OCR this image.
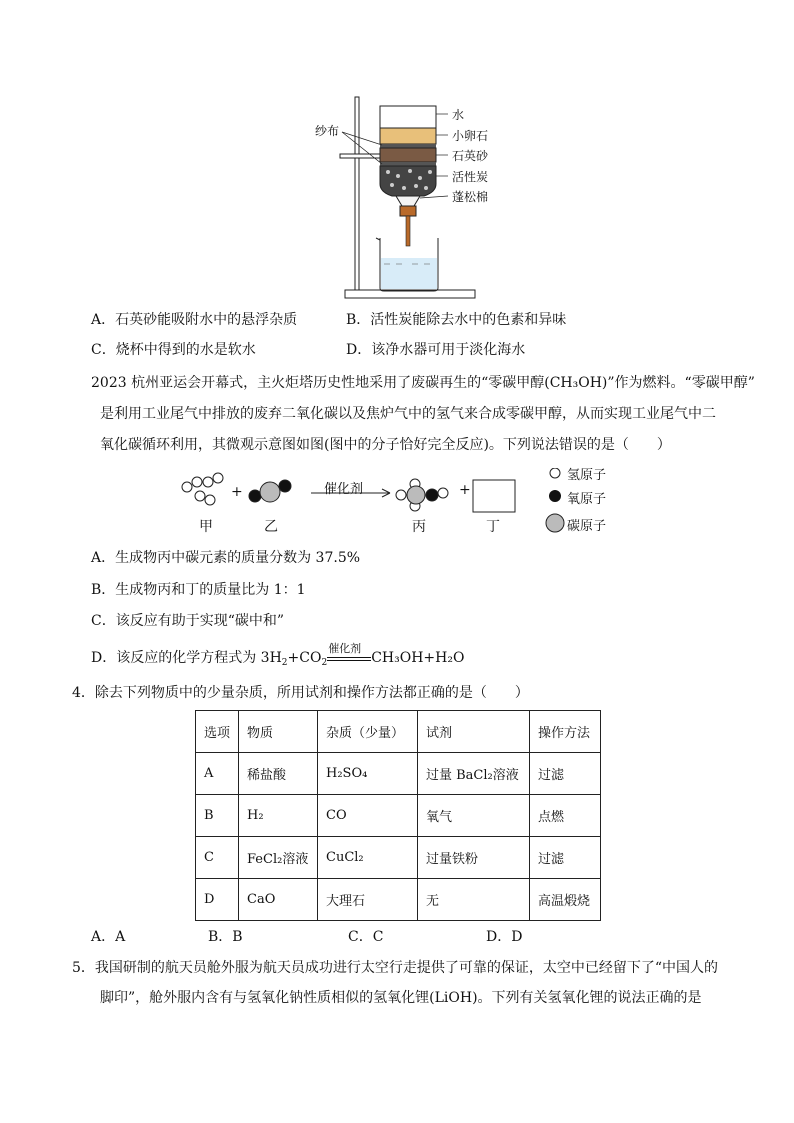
纱布
水
小卵石
石英砂
活性炭
蓬松棉
A．石英砂能吸附水中的悬浮杂质	B．活性炭能除去水中的色素和异味
C．烧杯中得到的水是软水	D．该净水器可用于淡化海水
2023 杭州亚运会开幕式，主火炬塔历史性地采用了废碳再生的“零碳甲醇(CH₃OH)”作为燃料。“零碳甲醇”
是利用工业尾气中排放的废弃二氧化碳以及焦炉气中的氢气来合成零碳甲醇，从而实现工业尾气中二
氧化碳循环利用，其微观示意图如图(图中的分子恰好完全反应)。下列说法错误的是（　　）
催化剂
+	+
甲	乙	丙	丁
氢原子
氧原子
碳原子
A．生成物丙中碳元素的质量分数为 37.5%
B．生成物丙和丁的质量比为 1：1
C．该反应有助于实现“碳中和”
D．该反应的化学方程式为 $3H_2+CO_2$
催化剂
CH₃OH+H₂O
4．除去下列物质中的少量杂质，所用试剂和操作方法都正确的是（　　）
选项	物质	杂质（少量）	试剂	操作方法
A	稀盐酸	H₂SO₄	过量 BaCl₂溶液	过滤
B	H₂	CO	氧气	点燃
C	FeCl₂溶液	CuCl₂	过量铁粉	过滤
D	CaO	大理石	无	高温煅烧
A．A	B．B	C．C	D．D
5．我国研制的航天员舱外服为航天员成功进行太空行走提供了可靠的保证，太空中已经留下了“中国人的
脚印”，舱外服内含有与氢氧化钠性质相似的氢氧化锂(LiOH)。下列有关氢氧化锂的说法正确的是
